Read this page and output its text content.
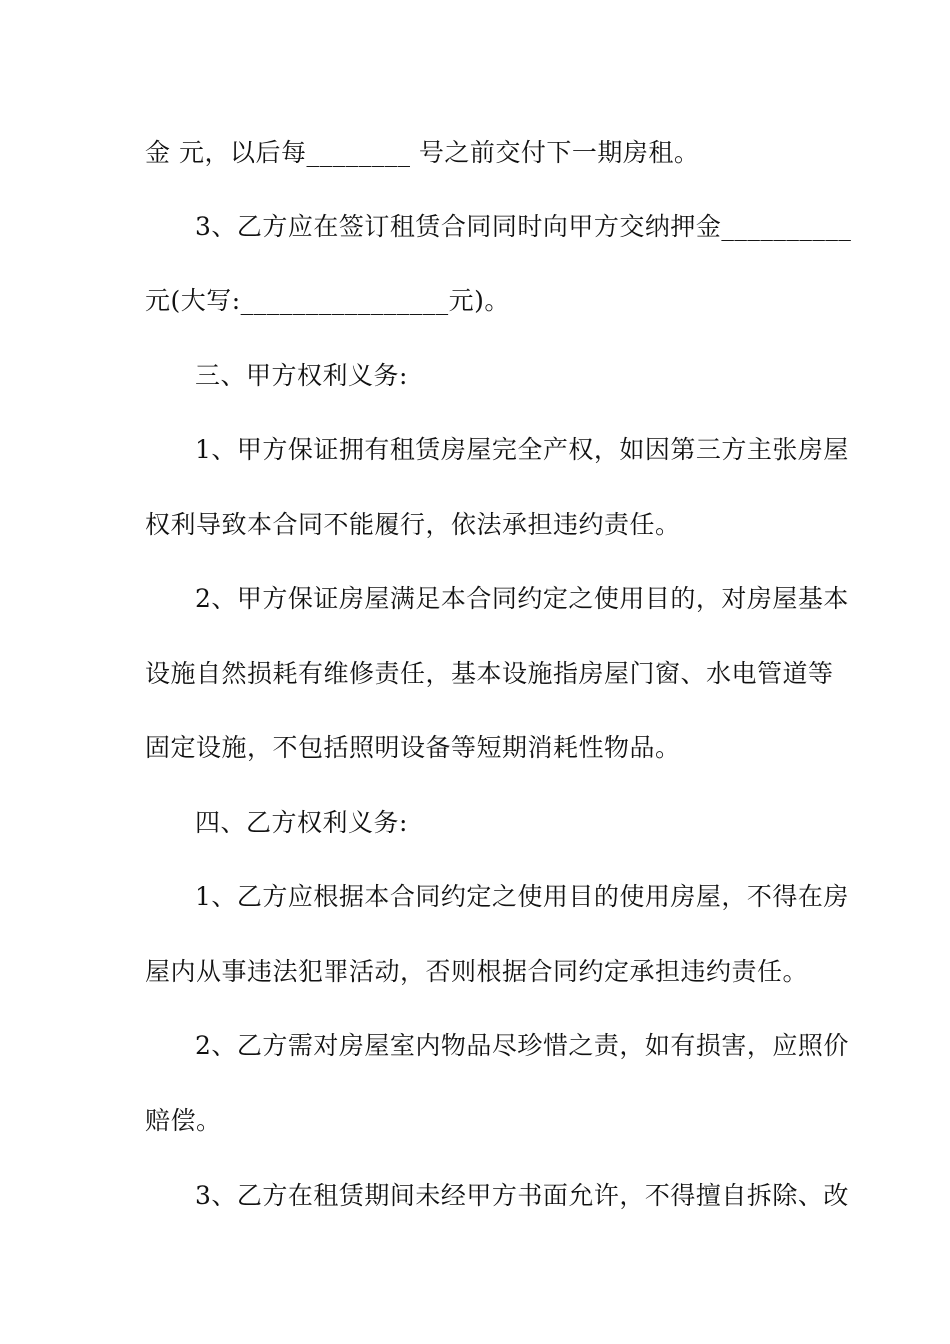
金 元，以后每________ 号之前交付下一期房租。
3、乙方应在签订租赁合同同时向甲方交纳押金__________
元(大写:________________元)。
三、甲方权利义务:
1、甲方保证拥有租赁房屋完全产权，如因第三方主张房屋
权利导致本合同不能履行，依法承担违约责任。
2、甲方保证房屋满足本合同约定之使用目的，对房屋基本
设施自然损耗有维修责任，基本设施指房屋门窗、水电管道等
固定设施，不包括照明设备等短期消耗性物品。
四、乙方权利义务:
1、乙方应根据本合同约定之使用目的使用房屋，不得在房
屋内从事违法犯罪活动，否则根据合同约定承担违约责任。
2、乙方需对房屋室内物品尽珍惜之责，如有损害，应照价
赔偿。
3、乙方在租赁期间未经甲方书面允许，不得擅自拆除、改
